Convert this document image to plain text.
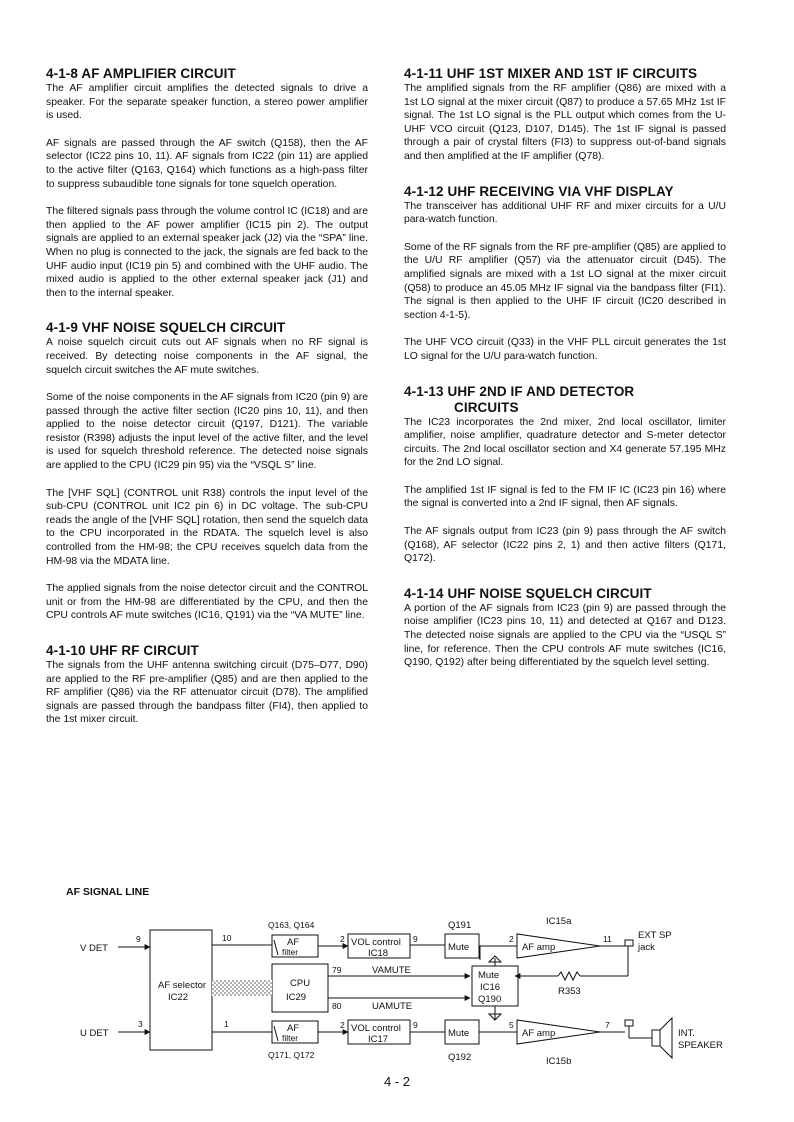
4-1-8 AF AMPLIFIER CIRCUIT

The AF amplifier circuit amplifies the detected signals to drive a speaker. For the separate speaker function, a stereo power amplifier is used.

AF signals are passed through the AF switch (Q158), then the AF selector (IC22 pins 10, 11). AF signals from IC22 (pin 11) are applied to the active filter (Q163, Q164) which functions as a high-pass filter to suppress subaudible tone signals for tone squelch operation.

The filtered signals pass through the volume control IC (IC18) and are then applied to the AF power amplifier (IC15 pin 2). The output signals are applied to an external speaker jack (J2) via the “SPA” line. When no plug is connected to the jack, the signals are fed back to the UHF audio input (IC19 pin 5) and combined with the UHF audio. The mixed audio is applied to the other external speaker jack (J1) and then to the internal speaker.

4-1-9 VHF NOISE SQUELCH CIRCUIT

A noise squelch circuit cuts out AF signals when no RF signal is received. By detecting noise components in the AF signal, the squelch circuit switches the AF mute switches.

Some of the noise components in the AF signals from IC20 (pin 9) are passed through the active filter section (IC20 pins 10, 11), and then applied to the noise detector circuit (Q197, D121). The variable resistor (R398) adjusts the input level of the active filter, and the level is used for squelch threshold reference. The detected noise signals are applied to the CPU (IC29 pin 95) via the “VSQL S” line.

The [VHF SQL] (CONTROL unit R38) controls the input level of the sub-CPU (CONTROL unit IC2 pin 6) in DC voltage. The sub-CPU reads the angle of the [VHF SQL] rotation, then send the squelch data to the CPU incorporated in the RDATA. The squelch level is also controlled from the HM-98; the CPU receives squelch data from the HM-98 via the MDATA line.

The applied signals from the noise detector circuit and the CONTROL unit or from the HM-98 are differentiated by the CPU, and then the CPU controls AF mute switches (IC16, Q191) via the “VA MUTE” line.

4-1-10 UHF RF CIRCUIT

The signals from the UHF antenna switching circuit (D75–D77, D90) are applied to the RF pre-amplifier (Q85) and are then applied to the RF amplifier (Q86) via the RF attenuator circuit (D78). The amplified signals are passed through the bandpass filter (FI4), then applied to the 1st mixer circuit.

4-1-11 UHF 1ST MIXER AND 1ST IF CIRCUITS

The amplified signals from the RF amplifier (Q86) are mixed with a 1st LO signal at the mixer circuit (Q87) to produce a 57.65 MHz 1st IF signal. The 1st LO signal is the PLL output which comes from the U-UHF VCO circuit (Q123, D107, D145). The 1st IF signal is passed through a pair of crystal filters (FI3) to suppress out-of-band signals and then amplified at the IF amplifier (Q78).

4-1-12 UHF RECEIVING VIA VHF DISPLAY

The transceiver has additional UHF RF and mixer circuits for a U/U para-watch function.

Some of the RF signals from the RF pre-amplifier (Q85) are applied to the U/U RF amplifier (Q57) via the attenuator circuit (D45). The amplified signals are mixed with a 1st LO signal at the mixer circuit (Q58) to produce an 45.05 MHz IF signal via the bandpass filter (FI1). The signal is then applied to the UHF IF circuit (IC20 described in section 4-1-5).

The UHF VCO circuit (Q33) in the VHF PLL circuit generates the 1st LO signal for the U/U para-watch function.

4-1-13 UHF 2ND IF AND DETECTOR
CIRCUITS

The IC23 incorporates the 2nd mixer, 2nd local oscillator, limiter amplifier, noise amplifier, quadrature detector and S-meter detector circuits. The 2nd local oscillator section and X4 generate 57.195 MHz for the 2nd LO signal.

The amplified 1st IF signal is fed to the FM IF IC (IC23 pin 16) where the signal is converted into a 2nd IF signal, then AF signals.

The AF signals output from IC23 (pin 9) pass through the AF switch (Q168), AF selector (IC22 pins 2, 1) and then active filters (Q171, Q172).

4-1-14 UHF NOISE SQUELCH CIRCUIT

A portion of the AF signals from IC23 (pin 9) are passed through the noise amplifier (IC23 pins 10, 11) and detected at Q167 and D123. The detected noise signals are applied to the CPU via the “USQL S” line, for reference. Then the CPU controls AF mute switches (IC16, Q190, Q192) after being differentiated by the squelch level setting.

AF SIGNAL LINE
V DET
U DET
9
3
10
1
AF selector
IC22
Q163, Q164
AF
filter
AF
filter
Q171, Q172
2
2
VOL control
IC18
VOL control
IC17
9
9
Q191
Mute
Mute
Q192
CPU
IC29
79
80
VAMUTE
UAMUTE
Mute
IC16
Q190
R353
IC15a
IC15b
2
5
AF amp
AF amp
11
7
EXT SP
jack
INT.
SPEAKER

4 - 2
